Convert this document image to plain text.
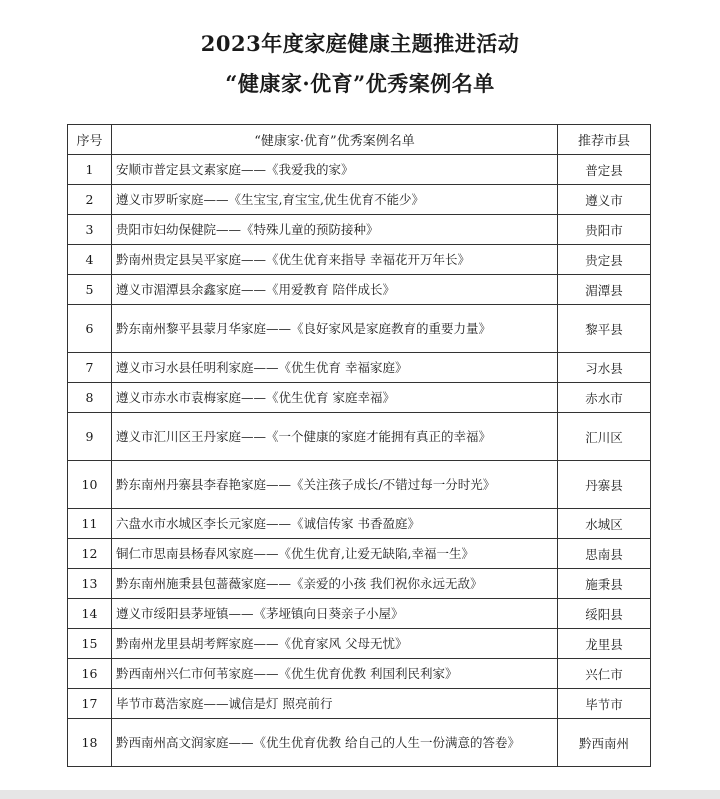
2023年度家庭健康主题推进活动
“健康家·优育”优秀案例名单
序号	“健康家·优育”优秀案例名单	推荐市县
1	安顺市普定县文素家庭——《我爱我的家》	普定县
2	遵义市罗昕家庭——《生宝宝,育宝宝,优生优育不能少》	遵义市
3	贵阳市妇幼保健院——《特殊儿童的预防接种》	贵阳市
4	黔南州贵定县吴平家庭——《优生优育来指导 幸福花开万年长》	贵定县
5	遵义市湄潭县余鑫家庭——《用爱教育 陪伴成长》	湄潭县
6	黔东南州黎平县蒙月华家庭——《良好家风是家庭教育的重要力量》	黎平县
7	遵义市习水县任明利家庭——《优生优育 幸福家庭》	习水县
8	遵义市赤水市袁梅家庭——《优生优育 家庭幸福》	赤水市
9	遵义市汇川区王丹家庭——《一个健康的家庭才能拥有真正的幸福》	汇川区
10	黔东南州丹寨县李春艳家庭——《关注孩子成长/不错过每一分时光》	丹寨县
11	六盘水市水城区李长元家庭——《诚信传家 书香盈庭》	水城区
12	铜仁市思南县杨春风家庭——《优生优育,让爱无缺陷,幸福一生》	思南县
13	黔东南州施秉县包蔷薇家庭——《亲爱的小孩 我们祝你永远无敌》	施秉县
14	遵义市绥阳县茅垭镇——《茅垭镇向日葵亲子小屋》	绥阳县
15	黔南州龙里县胡考辉家庭——《优育家风 父母无忧》	龙里县
16	黔西南州兴仁市何苇家庭——《优生优育优教 利国利民利家》	兴仁市
17	毕节市葛浩家庭——诚信是灯 照亮前行	毕节市
18	黔西南州高文润家庭——《优生优育优教 给自己的人生一份满意的答卷》	黔西南州
